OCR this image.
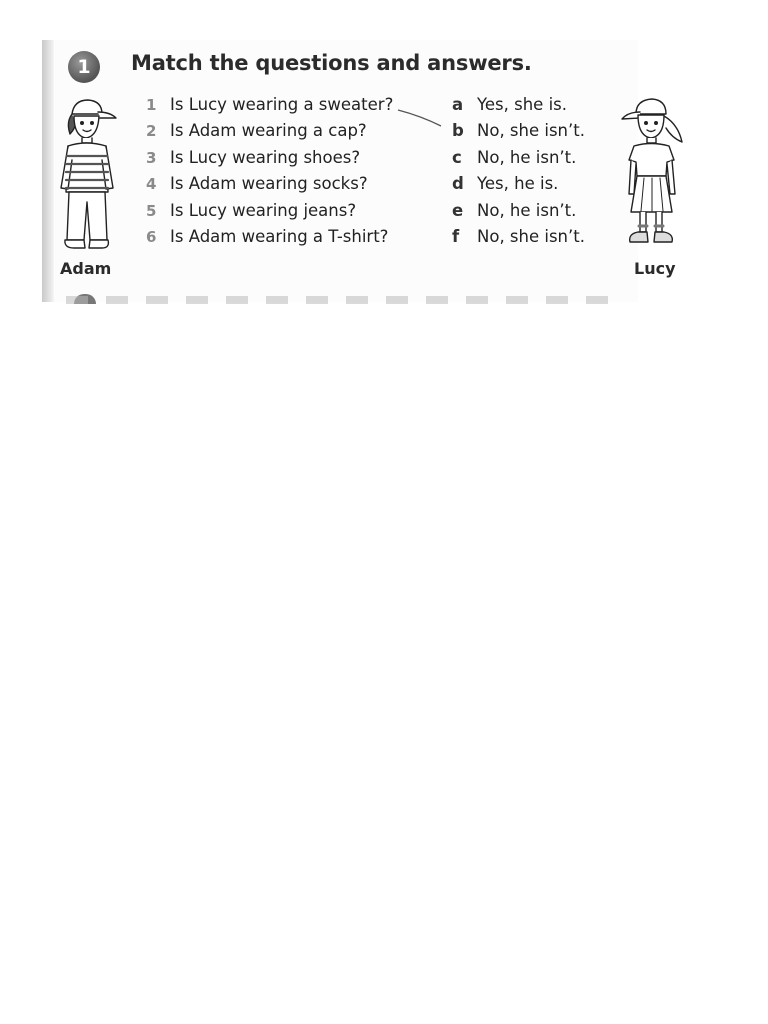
1	Match the questions and answers.
1 Is Lucy wearing a sweater?
2 Is Adam wearing a cap?
3 Is Lucy wearing shoes?
4 Is Adam wearing socks?
5 Is Lucy wearing jeans?
6 Is Adam wearing a T-shirt?
a Yes, she is.
b No, she isn’t.
c No, he isn’t.
d Yes, he is.
e No, he isn’t.
f No, she isn’t.
Adam	Lucy
